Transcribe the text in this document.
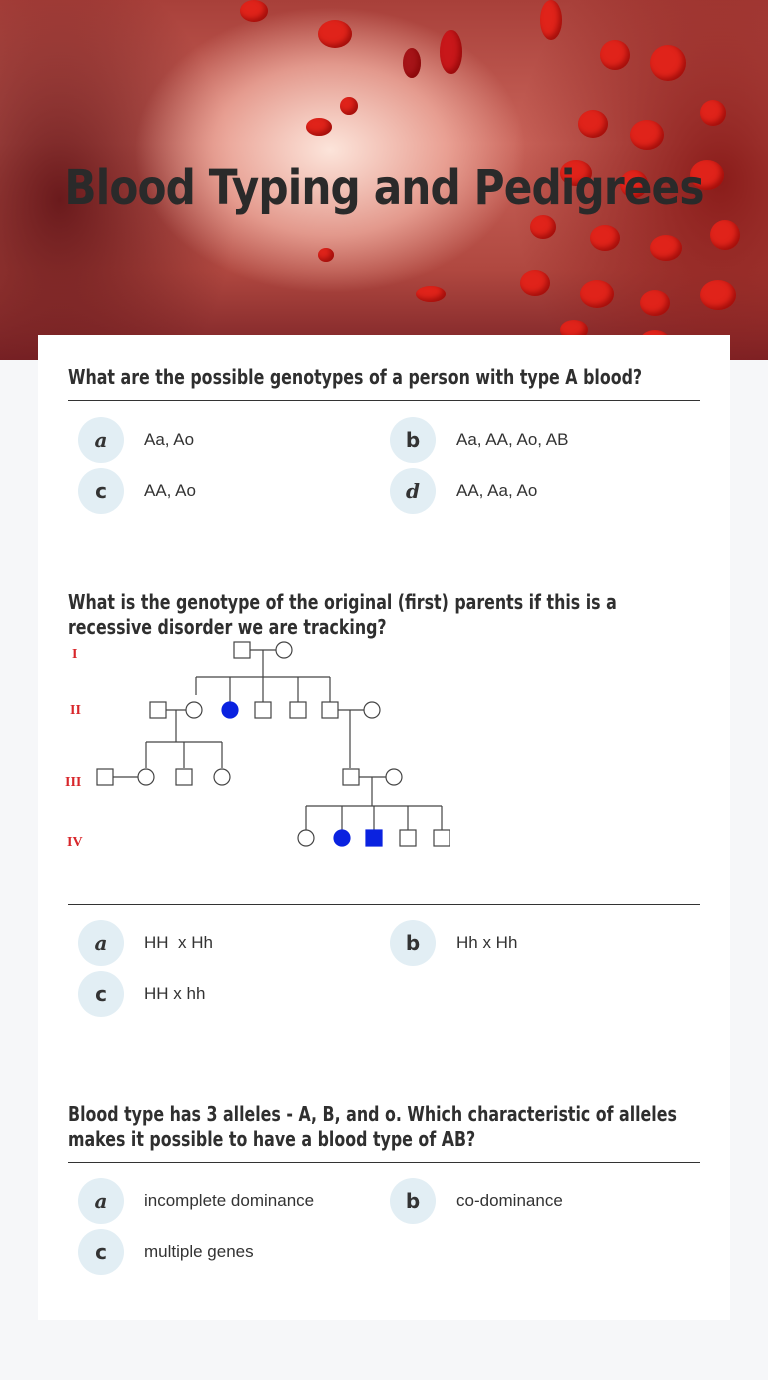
Blood Typing and Pedigrees

What are the possible genotypes of a person with type A blood?

a	Aa, Ao	b	Aa, AA, Ao, AB
c	AA, Ao	d	AA, Aa, Ao

What is the genotype of the original (first) parents if this is a recessive disorder we are tracking?

I
II
III
IV
a	HH  x Hh	b	Hh x Hh
c	HH x hh

Blood type has 3 alleles - A, B, and o. Which characteristic of alleles makes it possible to have a blood type of AB?

a	incomplete dominance	b	co-dominance
c	multiple genes
